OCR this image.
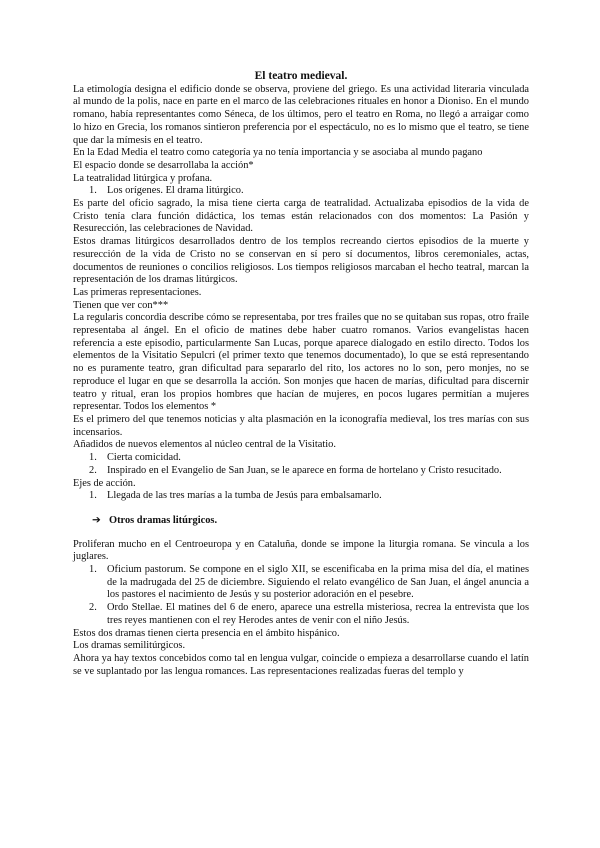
El teatro medieval.

La etimología designa el edificio donde se observa, proviene del griego. Es una actividad literaria vinculada al mundo de la polis, nace en parte en el marco de las celebraciones rituales en honor a Dioniso. En el mundo romano, había representantes como Séneca, de los últimos, pero el teatro en Roma, no llegó a arraigar como lo hizo en Grecia, los romanos sintieron preferencia por el espectáculo, no es lo mismo que el teatro, se tiene que dar la mímesis en el teatro.

En la Edad Media el teatro como categoría ya no tenía importancia y se asociaba al mundo pagano

El espacio donde se desarrollaba la acción*

La teatralidad litúrgica y profana.

1. Los orígenes. El drama litúrgico.

Es parte del oficio sagrado, la misa tiene cierta carga de teatralidad. Actualizaba episodios de la vida de Cristo tenía clara función didáctica, los temas están relacionados con dos momentos: La Pasión y Resurección, las celebraciones de Navidad.

Estos dramas litúrgicos desarrollados dentro de los templos recreando ciertos episodios de la muerte y resurección de la vida de Cristo no se conservan en sí pero sí documentos, libros ceremoniales, actas, documentos de reuniones o concilios religiosos. Los tiempos religiosos marcaban el hecho teatral, marcan la representación de los dramas litúrgicos.

Las primeras representaciones.

Tienen que ver con***

La regularis concordia describe cómo se representaba, por tres frailes que no se quitaban sus ropas, otro fraile representaba al ángel. En el oficio de matines debe haber cuatro romanos. Varios evangelistas hacen referencia a este episodio, particularmente San Lucas, porque aparece dialogado en estilo directo. Todos los elementos de la Visitatio Sepulcri (el primer texto que tenemos documentado), lo que se está representando no es puramente teatro, gran dificultad para separarlo del rito, los actores no lo son, pero monjes, no se reproduce el lugar en que se desarrolla la acción. Son monjes que hacen de marías, dificultad para discernir teatro y ritual, eran los propios hombres que hacían de mujeres, en pocos lugares permitían a mujeres representar. Todos los elementos *

Es el primero del que tenemos noticias y alta plasmación en la iconografía medieval, los tres marías con sus incensarios.

Añadidos de nuevos elementos al núcleo central de la Visitatio.

1. Cierta comicidad.
2. Inspirado en el Evangelio de San Juan, se le aparece en forma de hortelano y Cristo resucitado.

Ejes de acción.

1. Llegada de las tres marías a la tumba de Jesús para embalsamarlo.
➔ Otros dramas litúrgicos.

Proliferan mucho en el Centroeuropa y en Cataluña, donde se impone la liturgia romana. Se vincula a los juglares.

1. Oficium pastorum. Se compone en el siglo XII, se escenificaba en la prima misa del día, el matines de la madrugada del 25 de diciembre. Siguiendo el relato evangélico de San Juan, el ángel anuncia a los pastores el nacimiento de Jesús y su posterior adoración en el pesebre.
2. Ordo Stellae. El matines del 6 de enero, aparece una estrella misteriosa, recrea la entrevista que los tres reyes mantienen con el rey Herodes antes de venir con el niño Jesús.

Estos dos dramas tienen cierta presencia en el ámbito hispánico.

Los dramas semilitúrgicos.

Ahora ya hay textos concebidos como tal en lengua vulgar, coincide o empieza a desarrollarse cuando el latín se ve suplantado por las lengua romances. Las representaciones realizadas fueras del templo y
